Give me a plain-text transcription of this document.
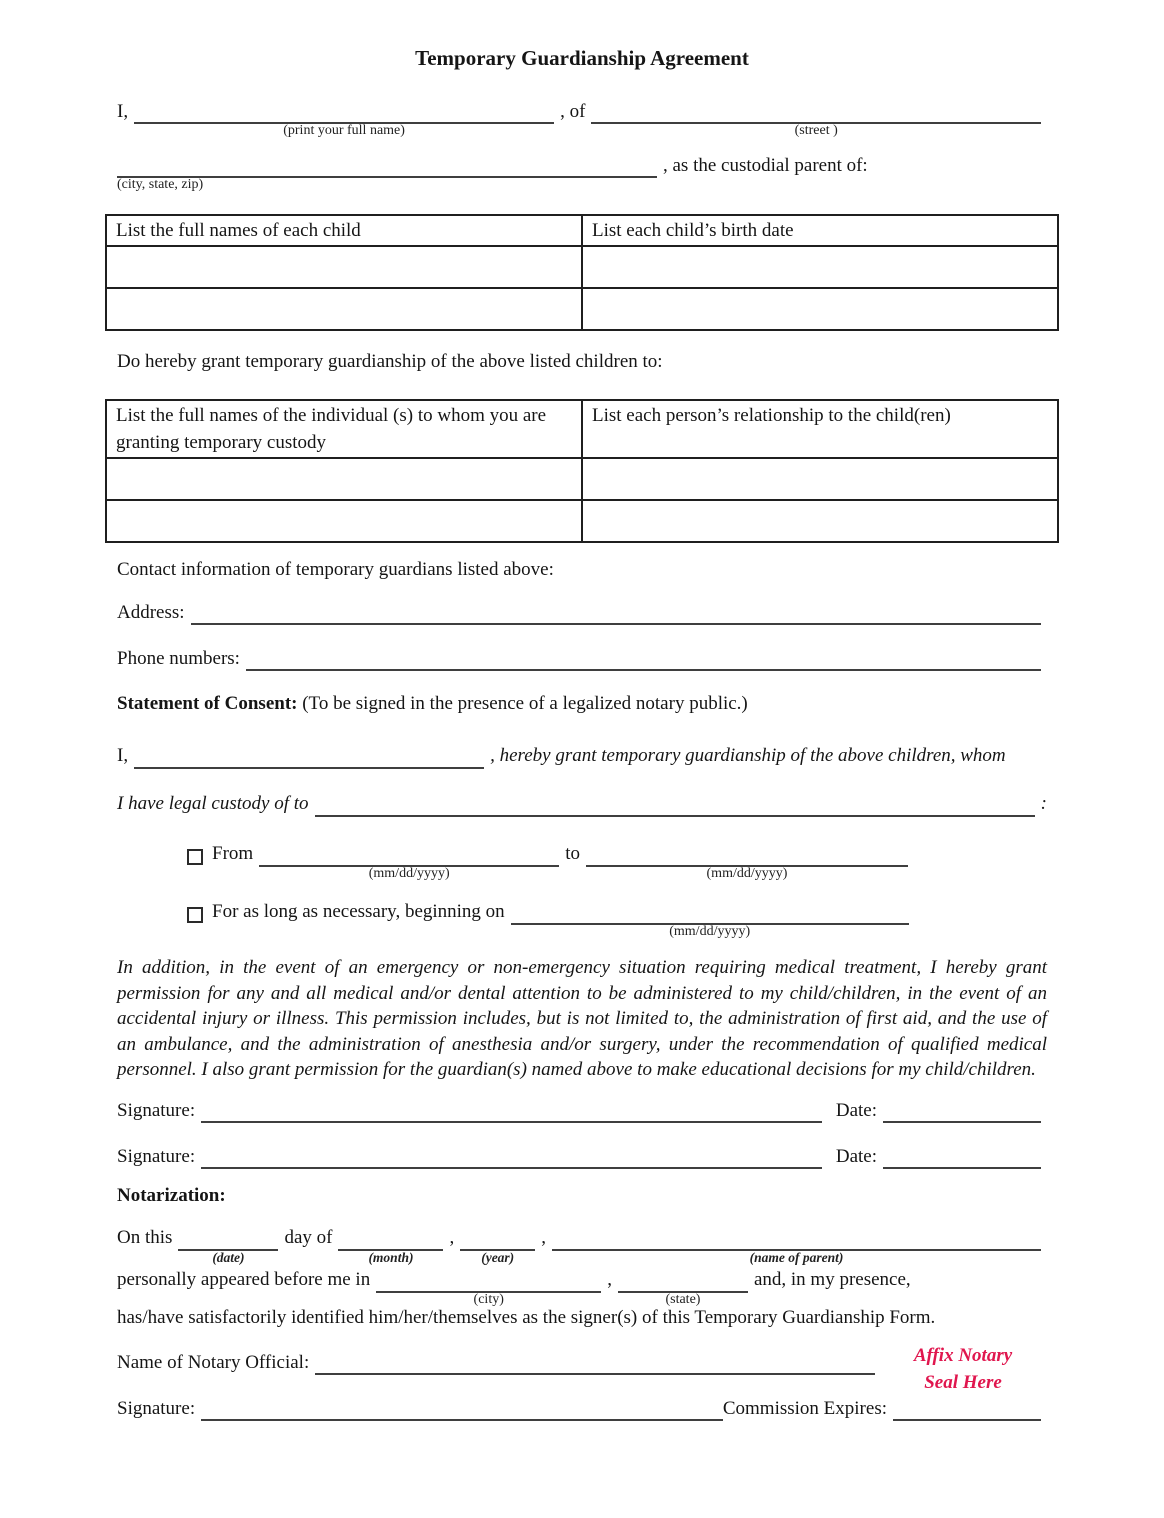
Temporary Guardianship Agreement
I,
(print your full name)
, of
(street )
(city, state, zip)
, as the custodial parent of:
List the full names of each child	List each child’s birth date

Do hereby grant temporary guardianship of the above listed children to:
List the full names of the individual (s) to whom you are granting temporary custody	List each person’s relationship to the child(ren)

Contact information of temporary guardians listed above:
Address:
Phone numbers:
Statement of Consent: (To be signed in the presence of a legalized notary public.)
I,	, hereby grant temporary guardianship of the above children, whom
I have legal custody of to	:
From
(mm/dd/yyyy)
to
(mm/dd/yyyy)
For as long as necessary, beginning on
(mm/dd/yyyy)
In addition, in the event of an emergency or non-emergency situation requiring medical treatment, I hereby grant permission for any and all medical and/or dental attention to be administered to my child/children, in the event of an accidental injury or illness. This permission includes, but is not limited to, the administration of first aid, and the use of an ambulance, and the administration of anesthesia and/or surgery, under the recommendation of qualified medical personnel. I also grant permission for the guardian(s) named above to make educational decisions for my child/children.
Signature:	Date:
Signature:	Date:
Notarization:
On this
(date)
day of
(month)
,
(year)
,
(name of parent)
personally appeared before me in
(city)
,
(state)
and, in my presence,
has/have satisfactorily identified him/her/themselves as the signer(s) of this Temporary Guardianship Form.
Name of Notary Official:
Signature:	Commission Expires:
Affix Notary
Seal Here
